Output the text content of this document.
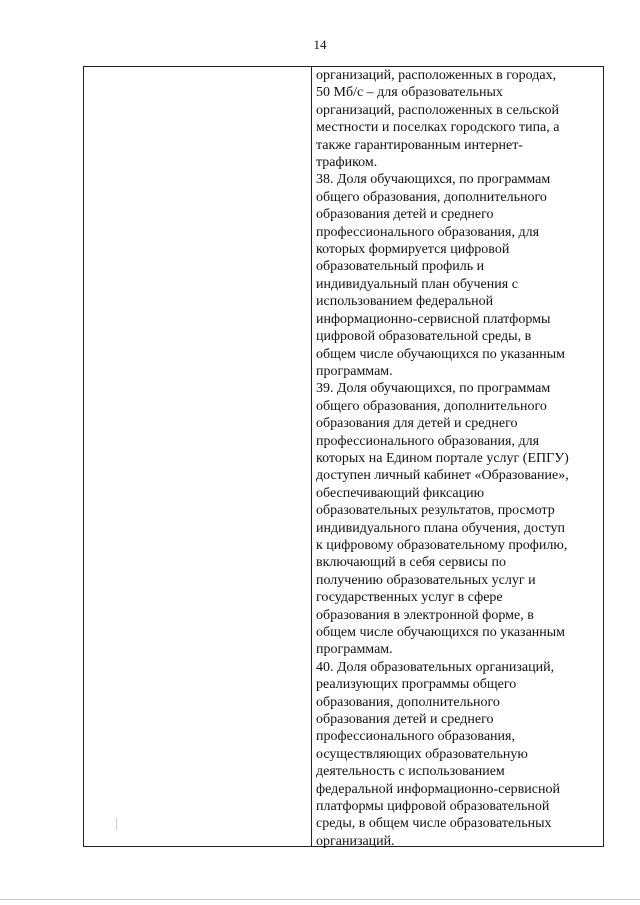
14
организаций, расположенных в городах,
50 Мб/с – для образовательных
организаций, расположенных в сельской
местности и поселках городского типа, а
также гарантированным интернет-
трафиком.
38. Доля обучающихся, по программам
общего образования, дополнительного
образования детей и среднего
профессионального образования, для
которых формируется цифровой
образовательный профиль и
индивидуальный план обучения с
использованием федеральной
информационно-сервисной платформы
цифровой образовательной среды, в
общем числе обучающихся по указанным
программам.
39. Доля обучающихся, по программам
общего образования, дополнительного
образования для детей и среднего
профессионального образования, для
которых на Едином портале услуг (ЕПГУ)
доступен личный кабинет «Образование»,
обеспечивающий фиксацию
образовательных результатов, просмотр
индивидуального плана обучения, доступ
к цифровому образовательному профилю,
включающий в себя сервисы по
получению образовательных услуг и
государственных услуг в сфере
образования в электронной форме, в
общем числе обучающихся по указанным
программам.
40. Доля образовательных организаций,
реализующих программы общего
образования, дополнительного
образования детей и среднего
профессионального образования,
осуществляющих образовательную
деятельность с использованием
федеральной информационно-сервисной
платформы цифровой образовательной
среды, в общем числе образовательных
организаций.
